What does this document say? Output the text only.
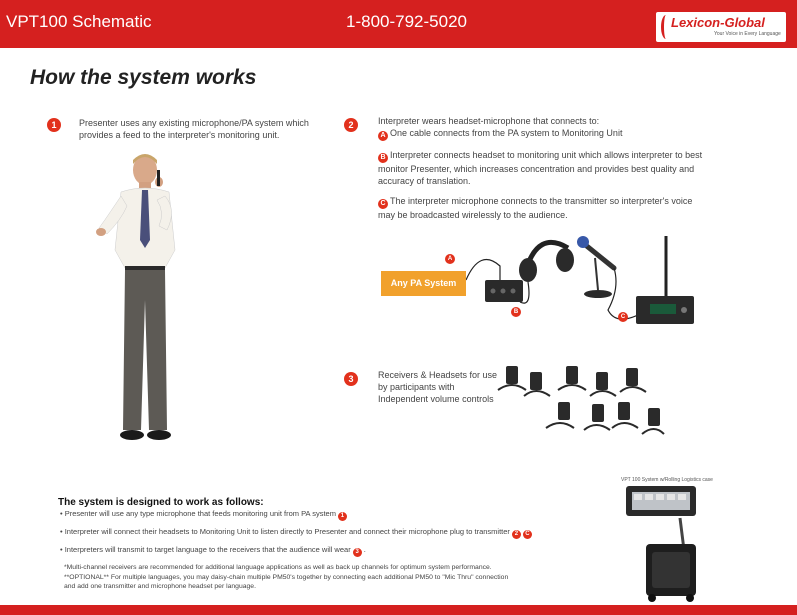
VPT100 Schematic	1-800-792-5020	Lexicon-Global
Your Voice in Every Language
How the system works
1	Presenter uses any existing microphone/PA system which provides a feed to the interpreter's monitoring unit.
2	Interpreter wears headset-microphone that connects to:
A One cable connects from the PA system to Monitoring Unit
B Interpreter connects headset to monitoring unit which allows interpreter to best monitor Presenter, which increases concentration and provides best quality and accuracy of translation.
C The interpreter microphone connects to the transmitter so interpreter's voice may be broadcasted wirelessly to the audience.
Any PA System
A
B
C
3	Receivers & Headsets for use by participants with Independent volume controls
The system is designed to work as follows:
• Presenter will use any type microphone that feeds monitoring unit from PA system 1
• Interpreter will connect their headsets to Monitoring Unit to listen directly to Presenter and connect their microphone plug to transmitter 2 C
• Interpreters will transmit to target language to the receivers that the audience will wear 3 .
*Multi-channel receivers are recommended for additional language applications as well as back up channels for optimum system performance.
**OPTIONAL** For multiple languages, you may daisy-chain multiple PM50's together by connecting each additional PM50 to "Mic Thru" connection
and add one transmitter and microphone headset per language.
VPT 100 System w/Rolling Logistics case
